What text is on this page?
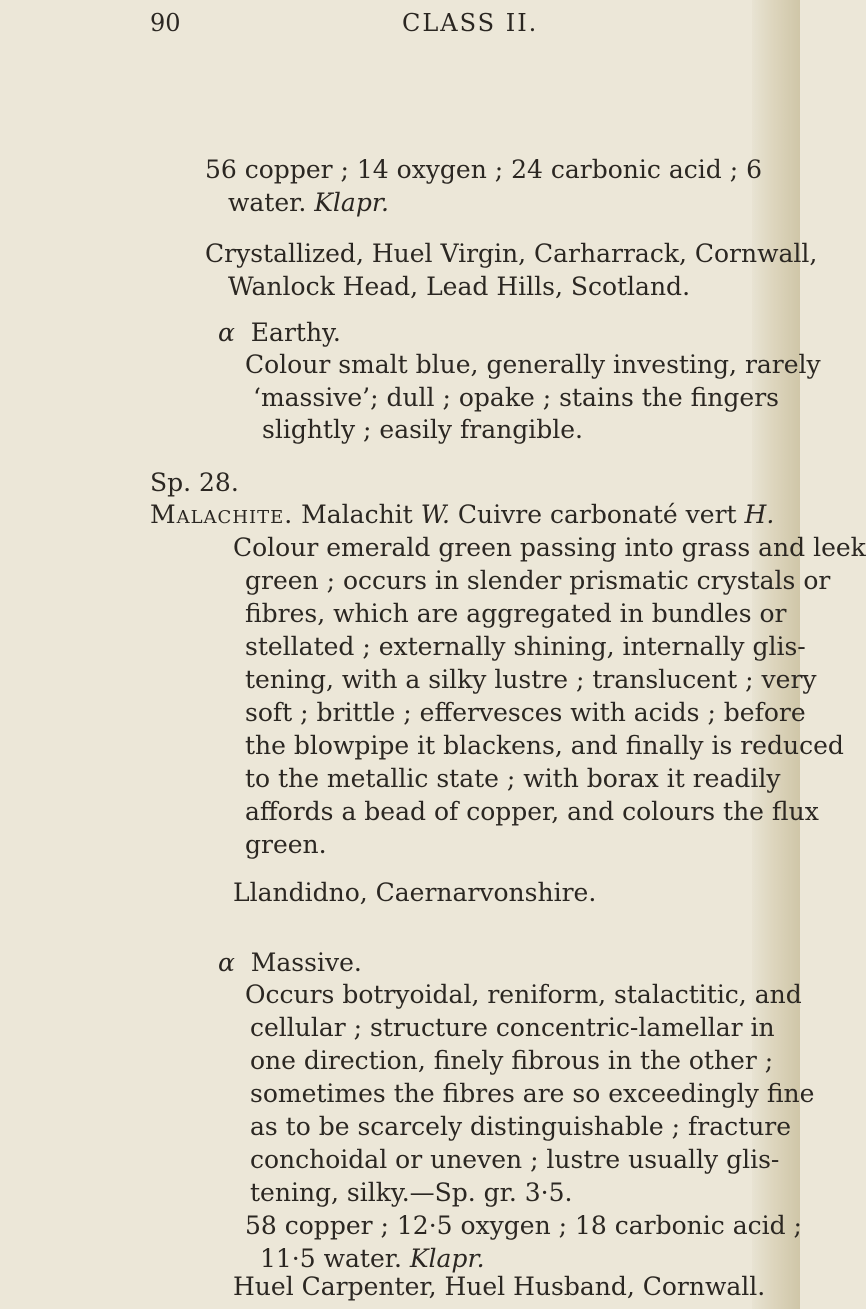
90	CLASS II.
56 copper ; 14 oxygen ; 24 carbonic acid ; 6
water. Klapr.
Crystallized, Huel Virgin, Carharrack, Cornwall,
Wanlock Head, Lead Hills, Scotland.
α Earthy.
Colour smalt blue, generally investing, rarely
‘massive’; dull ; opake ; stains the fingers
slightly ; easily frangible.
Sp. 28.
Malachite. Malachit W. Cuivre carbonaté vert H.
Colour emerald green passing into grass and leek
green ; occurs in slender prismatic crystals or
fibres, which are aggregated in bundles or
stellated ; externally shining, internally glis-
tening, with a silky lustre ; translucent ; very
soft ; brittle ; effervesces with acids ; before
the blowpipe it blackens, and finally is reduced
to the metallic state ; with borax it readily
affords a bead of copper, and colours the flux
green.
Llandidno, Caernarvonshire.
α Massive.
Occurs botryoidal, reniform, stalactitic, and
cellular ; structure concentric-lamellar in
one direction, finely fibrous in the other ;
sometimes the fibres are so exceedingly fine
as to be scarcely distinguishable ; fracture
conchoidal or uneven ; lustre usually glis-
tening, silky.—Sp. gr. 3·5.
58 copper ; 12·5 oxygen ; 18 carbonic acid ;
11·5 water. Klapr.
Huel Carpenter, Huel Husband, Cornwall.
